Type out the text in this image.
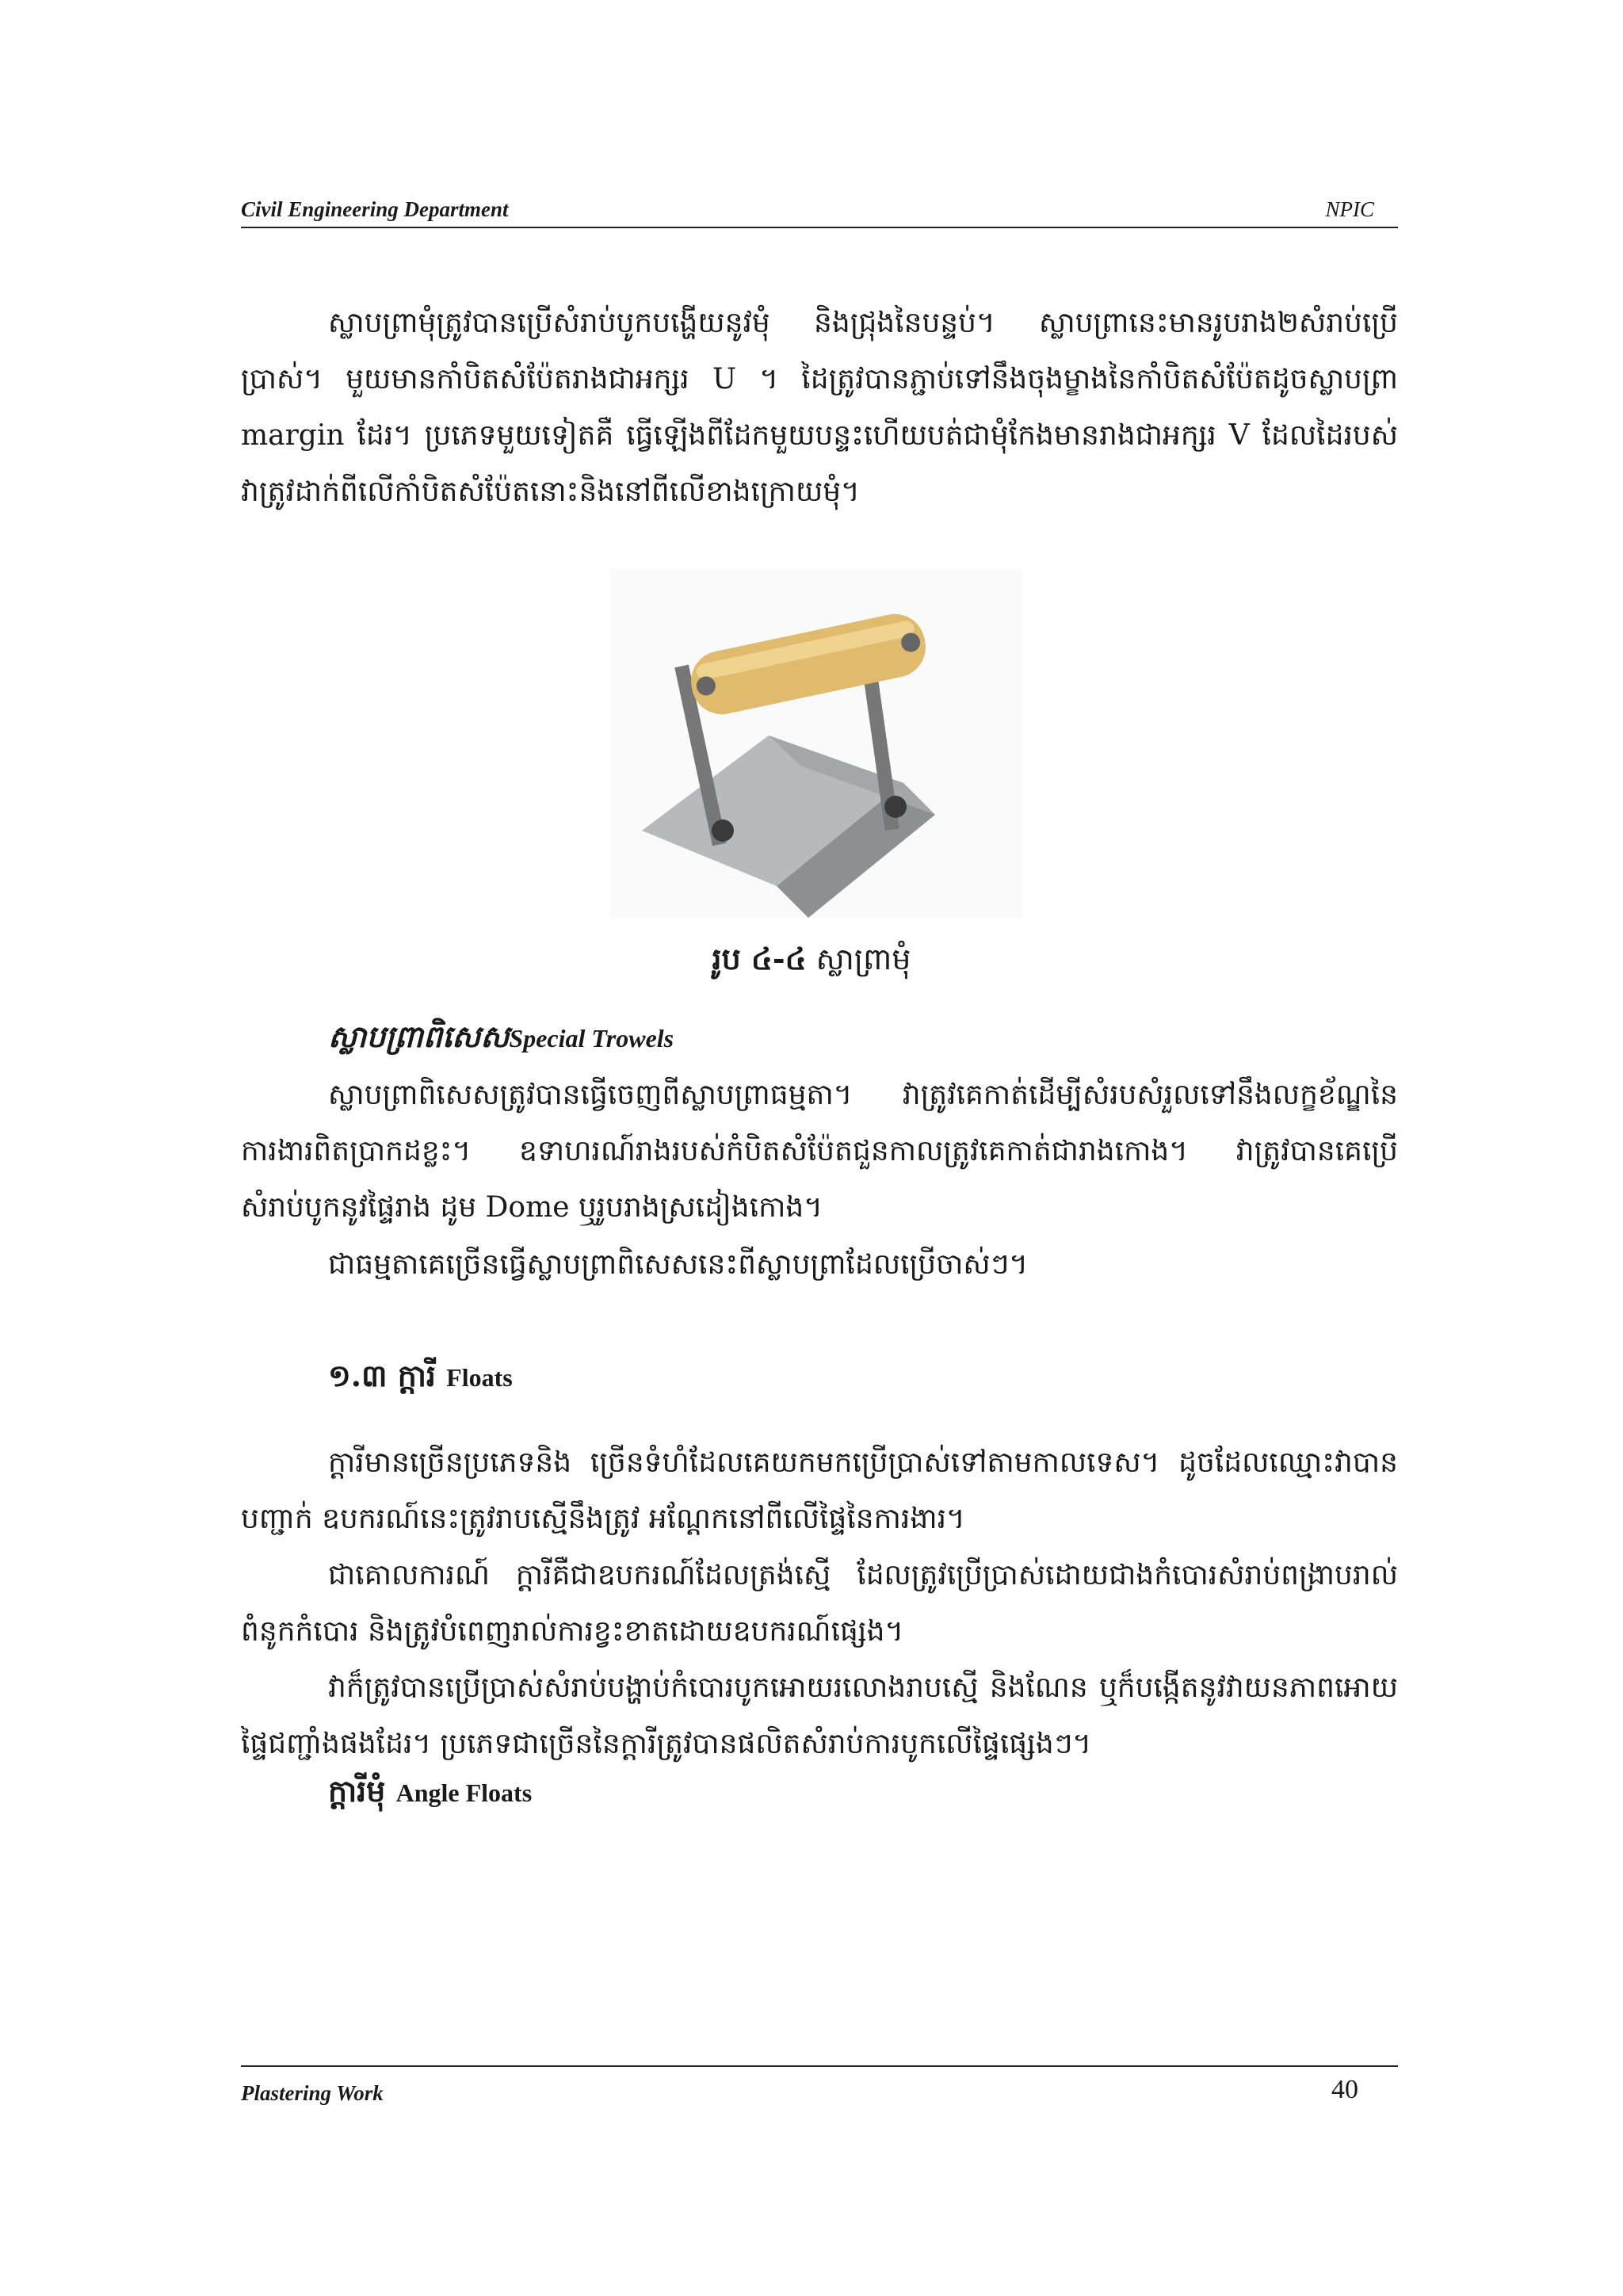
Civil Engineering Department	NPIC

ស្លាបព្រាមុំត្រូវបានប្រើសំរាប់បូកបង្ហើយនូវមុំ និងជ្រុងនៃបន្ទប់។ ស្លាបព្រានេះមានរូបរាង២សំរាប់ប្រើប្រាស់។ មួយមានកាំបិតសំប៉ែតរាងជាអក្សរ U ។ ដៃត្រូវបានភ្ជាប់ទៅនឹងចុងម្ខាងនៃកាំបិតសំប៉ែតដូចស្លាបព្រា margin ដែរ។ ប្រភេទមួយទៀតគឺ ធ្វើឡើងពីដែកមួយបន្ទះហើយបត់ជាមុំកែងមានរាងជាអក្សរ V ដែលដៃរបស់វាត្រូវដាក់ពីលើកាំបិតសំប៉ែតនោះនិងនៅពីលើខាងក្រោយមុំ។

រូប ៤-៤ ស្លាព្រាមុំ
ស្លាបព្រាពិសេសSpecial Trowels

ស្លាបព្រាពិសេសត្រូវបានធ្វើចេញពីស្លាបព្រាធម្មតា។ វាត្រូវគេកាត់ដើម្បីសំរបសំរួលទៅនឹងលក្ខខ័ណ្ឌនៃការងារពិតប្រាកដខ្លះ។ ឧទាហរណ៍រាងរបស់កំបិតសំប៉ែតជួនកាលត្រូវគេកាត់ជារាងកោង។ វាត្រូវបានគេប្រើសំរាប់បូកនូវផ្ទៃរាង ដូម Dome ឬរូបរាងស្រដៀងកោង។

ជាធម្មតាគេច្រើនធ្វើស្លាបព្រាពិសេសនេះពីស្លាបព្រាដែលប្រើចាស់ៗ។

១.៣ ក្តារី Floats

ក្តារីមានច្រើនប្រភេទនិង ច្រើនទំហំដែលគេយកមកប្រើប្រាស់ទៅតាមកាលទេស។ ដូចដែលឈ្មោះវាបានបញ្ជាក់ ឧបករណ៍នេះត្រូវរាបស្មើនឹងត្រូវ អណ្តែកនៅពីលើផ្ទៃនៃការងារ។

ជាគោលការណ៍ ក្តារីគឺជាឧបករណ៍ដែលត្រង់ស្មើ ដែលត្រូវប្រើប្រាស់ដោយជាងកំបោរសំរាប់ពង្រាបរាល់ពំនូកកំបោរ និងត្រូវបំពេញរាល់ការខ្វះខាតដោយឧបករណ៍ផ្សេង។

វាក៏ត្រូវបានប្រើប្រាស់សំរាប់បង្ហាប់កំបោរបូកអោយរលោងរាបស្មើ និងណែន ឬក៏បង្កើតនូវវាយនភាពអោយផ្ទៃជញ្ជាំងផងដែរ។ ប្រភេទជាច្រើននៃក្តារីត្រូវបានផលិតសំរាប់ការបូកលើផ្ទៃផ្សេងៗ។

ក្តារីមុំ Angle Floats
Plastering Work	40
